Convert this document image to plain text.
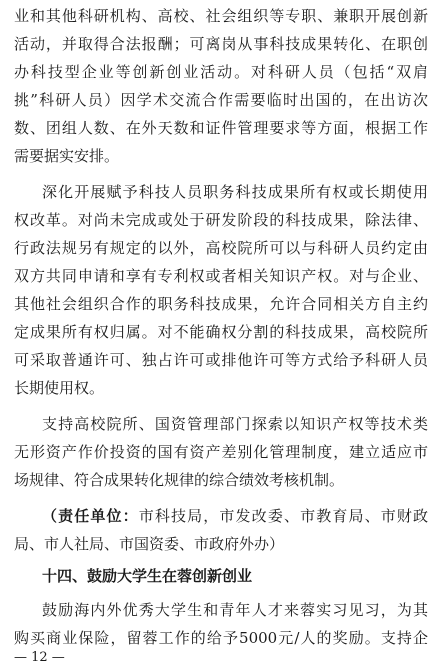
业和其他科研机构、高校、社会组织等专职、兼职开展创新
活动，并取得合法报酬；可离岗从事科技成果转化、在职创
办科技型企业等创新创业活动。对科研人员（包括“双肩
挑”科研人员）因学术交流合作需要临时出国的，在出访次
数、团组人数、在外天数和证件管理要求等方面，根据工作
需要据实安排。
深化开展赋予科技人员职务科技成果所有权或长期使用
权改革。对尚未完成或处于研发阶段的科技成果，除法律、
行政法规另有规定的以外，高校院所可以与科研人员约定由
双方共同申请和享有专利权或者相关知识产权。对与企业、
其他社会组织合作的职务科技成果，允许合同相关方自主约
定成果所有权归属。对不能确权分割的科技成果，高校院所
可采取普通许可、独占许可或排他许可等方式给予科研人员
长期使用权。
支持高校院所、国资管理部门探索以知识产权等技术类
无形资产作价投资的国有资产差别化管理制度，建立适应市
场规律、符合成果转化规律的综合绩效考核机制。
（责任单位：市科技局，市发改委、市教育局、市财政
局、市人社局、市国资委、市政府外办）
十四、鼓励大学生在蓉创新创业
鼓励海内外优秀大学生和青年人才来蓉实习见习，为其
购买商业保险，留蓉工作的给予5000元/人的奖励。支持企
— 12 —
